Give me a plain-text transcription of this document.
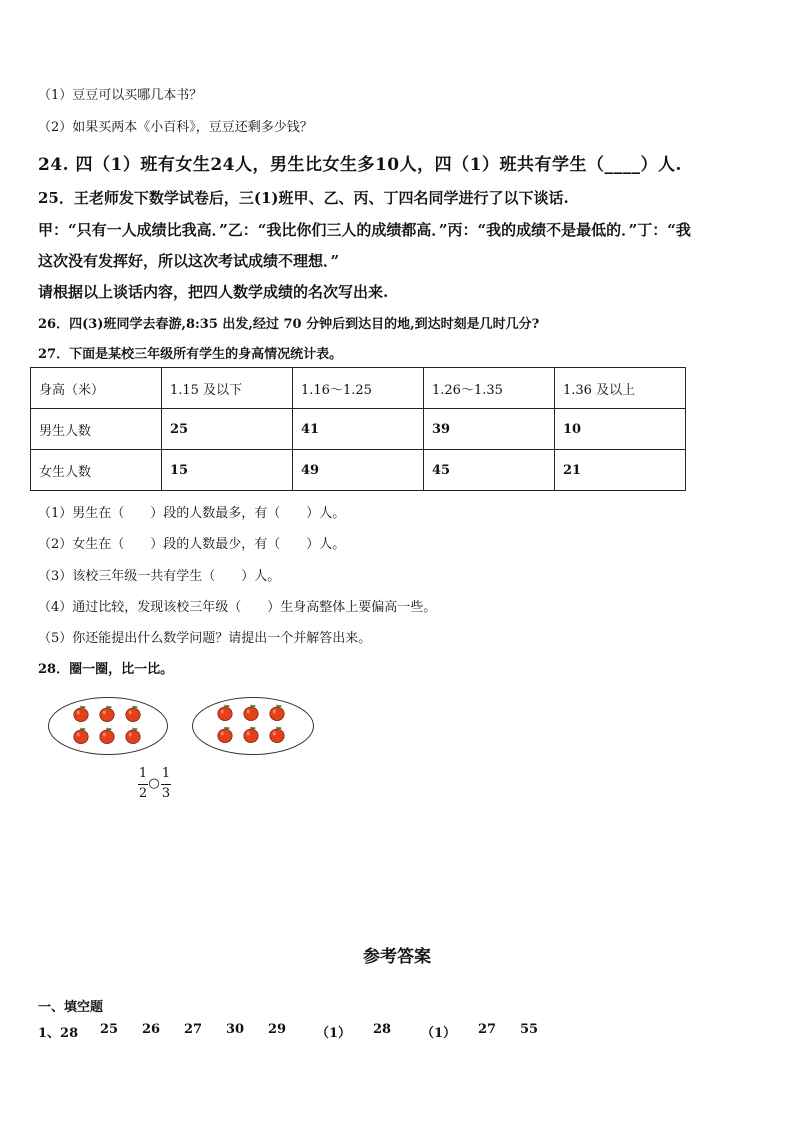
（1）豆豆可以买哪几本书？
（2）如果买两本《小百科》，豆豆还剩多少钱？
24. 四（1）班有女生24人，男生比女生多10人，四（1）班共有学生（____）人.
25．王老师发下数学试卷后，三(1)班甲、乙、丙、丁四名同学进行了以下谈话.
甲：“只有一人成绩比我高．”乙：“我比你们三人的成绩都高．”丙：“我的成绩不是最低的．”丁：“我
这次没有发挥好，所以这次考试成绩不理想．”
请根据以上谈话内容，把四人数学成绩的名次写出来.
26．四(3)班同学去春游,8:35 出发,经过 70 分钟后到达目的地,到达时刻是几时几分?
27．下面是某校三年级所有学生的身高情况统计表。
身高（米）	1.15 及以下	1.16～1.25	1.26～1.35	1.36 及以上
男生人数	25	41	39	10
女生人数	15	49	45	21
（1）男生在（　　）段的人数最多，有（　　）人。
（2）女生在（　　）段的人数最少，有（　　）人。
（3）该校三年级一共有学生（　　）人。
（4）通过比较，发现该校三年级（　　）生身高整体上要偏高一些。
（5）你还能提出什么数学问题？请提出一个并解答出来。
28．圈一圈，比一比。
1
2
○
1
3
参考答案
一、填空题
1、28 25 26 27 30 29 （1） 28 （1） 27 55
